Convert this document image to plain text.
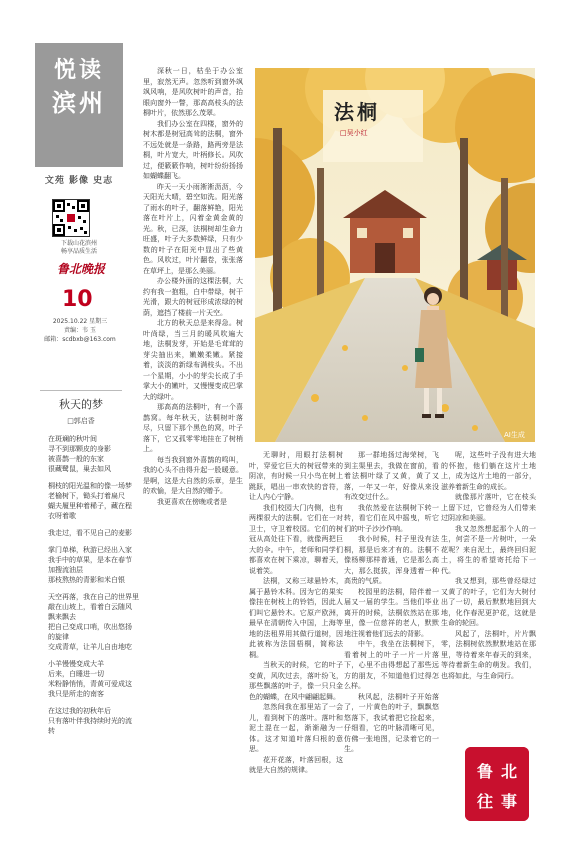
悦读
滨州
文苑 影像 史志
下载山花滨州
畅享品质生活
鲁北晚报
10
2025.10.22 星期三
责编：韦 玉
邮箱：scdbxb@163.com
秋天的梦
□郭启香
在斑斓的秋叶间
寻不到那颗皮的身影
被喜鹊一般的东家
很藏鹭鼠，巢去如风
桐枝的阳光温和的像一场梦
老榆树下，锄头打着扁尺
蝴夫履里种着稀子，藏在程
衣呀着歌
我走过，看不见自己的麦影
掌门单梯，秋游已经出入家
我手中的草果，是本在春节
加搜流油层
那枝熬热的青影和米白银
天空再落，我在自己的世界里
敲在山坡上，看着白云随风
飘来飘去
把自己变成口哨，吹出悠扬
的旋律
交成青草，让羊儿自由地吃
小羊慢慢变成大羊
后来，白睡进一切
米粉静悄悄，青黄可爱成这
我只是所走的南客
在这过我的初秋年后
只有落叶伴我持续时光的流
转
法桐
□吴小红
AI生成

深秋一日，枯坐于办公室里，寂然无声。忽然听到窗外飒飒风响，是风吹树叶的声音，抬眼向窗外一瞥，那高高枝头的法桐叶片，依然那么茂翠。

我们办公室在四楼，窗外的树木都是树冠高耸的法桐，窗外不远处就是一条路，路两旁是法桐，叶片宽大，叶柄修长。风吹过，便簌簌作响，树叶纷纷扬扬如蝴蝶翻飞。

昨天一天小雨淅淅沥沥，今天阳光大晴，碧空如洗。阳光落了雨水的叶子，翻落鲜艳，阳光落在叶片上，闪着金黄金黄的光。秋，已深，法桐树却生命力旺盛，叶子大多数鲜绿，只有少数的叶子在阳光中显出了些黄色。风吹过，叶片翻卷，张张落在草坪上，是那么美丽。

办公楼外面的这棵法桐，大约有我一抱粗，白中带绿，树干光滑，跟大的树冠形成浓绿的树荫，遮挡了楼前一片天空。

北方的秋天总是来得急。树叶尚绿，当三月的暖风吹遍大地，法桐发芽，开始是毛茸茸的芽尖抽出来，嫩嫩柔嫩。紧接着，淡淡的新绿布满枝头。不出一个星期，小小的芽尖长成了手掌大小的嫩叶，又慢慢变成巴掌大的绿叶。

那高高的法桐叶，有一个喜鹊窝。每年秋天，法桐树叶落尽，只留下那个黑色的窝，叶子落下，它又孤零零地挂在了树梢上。

每当我到窗外喜鹊的鸣叫，我的心头不由得升起一股暖意。是啊，这是大自然的乐章，是生的欢愉，是大自然的赠予。

我更喜欢在傍晚或者是

无聊时，用眼打法桐树叶，穿爱它巨大的树冠带来的阴凉，有时候一只小鸟在树上跳跃，唱出一串欢快的音符，让人内心宁静。

我们校园大门内侧，也有两棵很大的法桐。它们在一对卫士，守卫着校园。它们的树冠从高处往下看，就像两把巨大的伞。中午，老师和同学们都喜欢在树下乘凉，聊着天，说着笑。

法桐，又称三球悬铃木，属于悬铃木科。因为它的果实像挂在树枝上的铃铛，因此人们叫它悬铃木。它原产欧洲，最早在清朝传入中国，上海等地的法租界用其做行道树，因此被称为法国梧桐，简称法桐。

当秋天的时候，它的叶子变黄，风吹过去，落叶纷飞，那些飘落的叶子，像一只只金色的蝴蝶，在风中翩翩起舞。

忽然间我在那里站了一会儿，看到树下的落叶。落叶和泥土混在一起，渐渐融为一体。这才知道叶落归根的意思。

花开花落，叶落回根，这就是大自然的规律。

那一群地扬过海荣树，飞到主渠里去，我做在窗前，看着法桐叶绿了又黄，黄了又落，一年又一年，好像从来没有改变过什么。

我依然爱在法桐树下转一转，看它们在风中摇曳，听它们的叶子沙沙作响。

我小时候，村子里没有法桐，那是后来才有的。法桐不像杨柳那样普通，它是那么高大，那么挺拔，浑身透着一种高贵的气质。

校园里的法桐，陪伴着一届又一届的学生。当他们毕业离开的时候，法桐依然站在那里，像一位慈祥的老人，默默地注视着他们远去的背影。

中午，我坐在法桐树下，看着树上的叶子一片一片落下，心里不由得想起了那些远方的朋友，不知道他们过得怎么样。

秋风起，法桐叶子开始落了，一片黄色的叶子，飘飘悠悠落下，我试着把它捡起来，仔细看，它的叶脉清晰可见，仿佛一张地图，记录着它的一生。

呢，这些叶子没有进大地的怀抱，他们躺在这片土地上，成为这片土地的一部分，滋养着新生命的成长。

就像那片落叶，它在枝头上留下过，它曾经为人们带来过阴凉和美丽。

我又忽然想起那个人的一生，何尝不是一片树叶，一朵花呢？来自泥土，最终回归泥土，将生的希望寄托给下一代。

我又想到，那些曾经绿过又黄了的叶子，它们为大树付出了一切，最后默默地回到大地，化作春泥更护花，这就是生命的轮回。

风起了，法桐叶，片片飘零，法桐树依然默默地站在那里，等待着来年春天的到来，等待着新生命的萌发。我们，也将如此，与生命同行。

鲁 北
往 事
